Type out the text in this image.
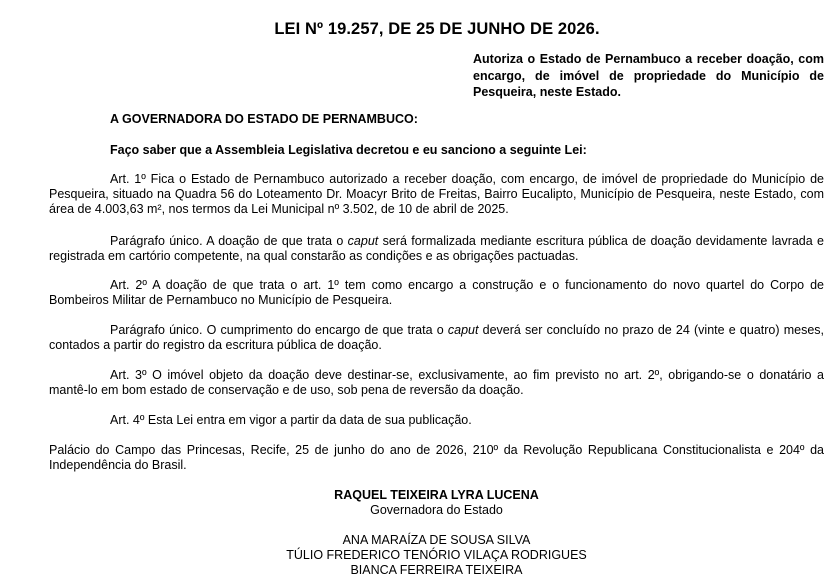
LEI Nº 19.257, DE 25 DE JUNHO DE 2026.
Autoriza o Estado de Pernambuco a receber doação, com encargo, de imóvel de propriedade do Município de Pesqueira, neste Estado.
A GOVERNADORA DO ESTADO DE PERNAMBUCO:
Faço saber que a Assembleia Legislativa decretou e eu sanciono a seguinte Lei:
Art. 1º Fica o Estado de Pernambuco autorizado a receber doação, com encargo, de imóvel de propriedade do Município de Pesqueira, situado na Quadra 56 do Loteamento Dr. Moacyr Brito de Freitas, Bairro Eucalipto, Município de Pesqueira, neste Estado, com área de 4.003,63 m², nos termos da Lei Municipal nº 3.502, de 10 de abril de 2025.
Parágrafo único. A doação de que trata o caput será formalizada mediante escritura pública de doação devidamente lavrada e registrada em cartório competente, na qual constarão as condições e as obrigações pactuadas.
Art. 2º A doação de que trata o art. 1º tem como encargo a construção e o funcionamento do novo quartel do Corpo de Bombeiros Militar de Pernambuco no Município de Pesqueira.
Parágrafo único. O cumprimento do encargo de que trata o caput deverá ser concluído no prazo de 24 (vinte e quatro) meses, contados a partir do registro da escritura pública de doação.
Art. 3º O imóvel objeto da doação deve destinar-se, exclusivamente, ao fim previsto no art. 2º, obrigando-se o donatário a mantê-lo em bom estado de conservação e de uso, sob pena de reversão da doação.
Art. 4º Esta Lei entra em vigor a partir da data de sua publicação.
Palácio do Campo das Princesas, Recife, 25 de junho do ano de 2026, 210º da Revolução Republicana Constitucionalista e 204º da Independência do Brasil.
RAQUEL TEIXEIRA LYRA LUCENA
Governadora do Estado
ANA MARAÍZA DE SOUSA SILVA
TÚLIO FREDERICO TENÓRIO VILAÇA RODRIGUES
BIANCA FERREIRA TEIXEIRA
